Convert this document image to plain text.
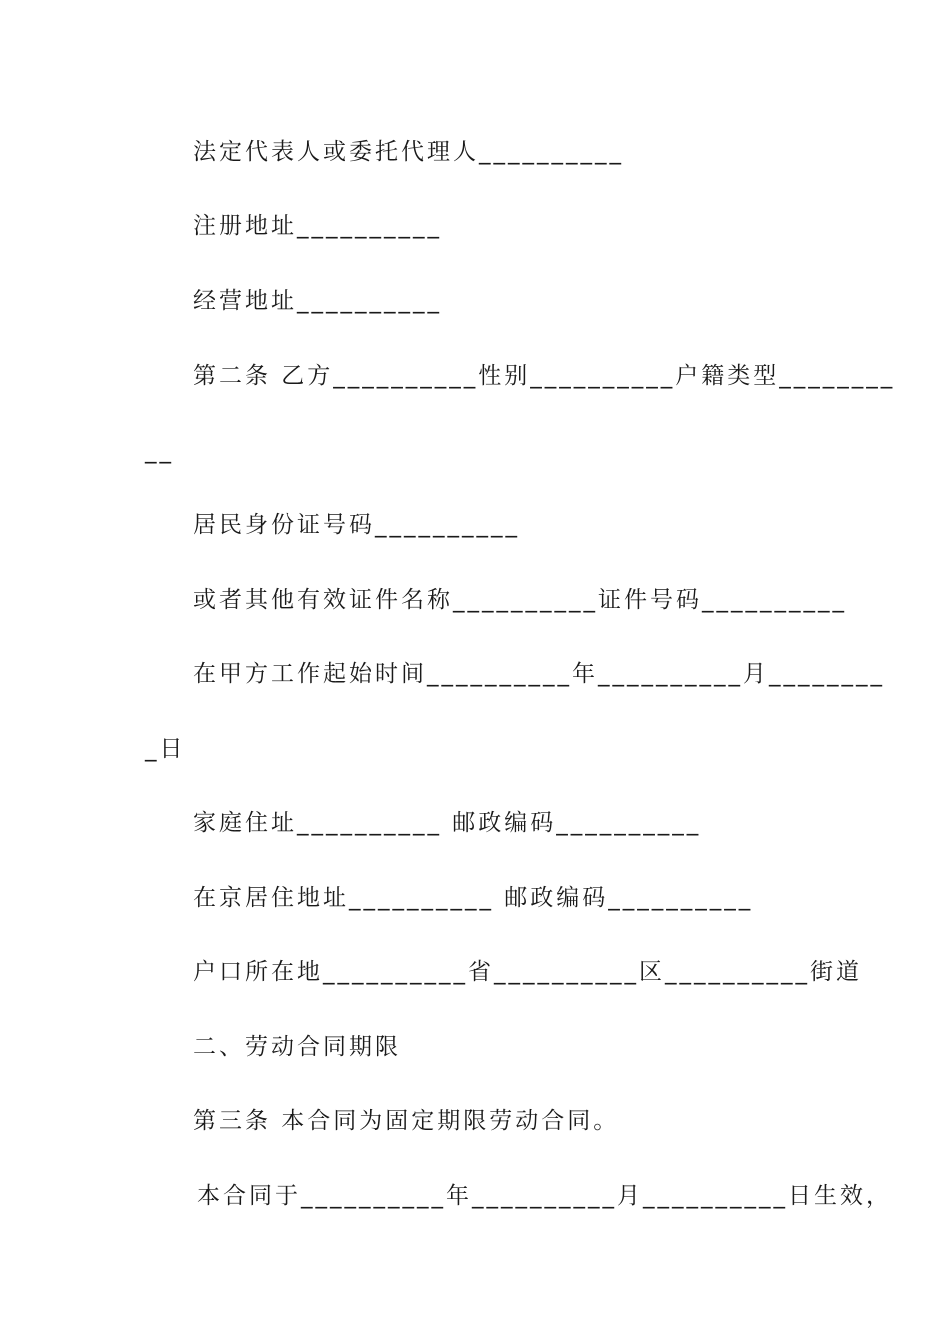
法定代表人或委托代理人__________

注册地址__________

经营地址__________

第二条 乙方__________性别__________户籍类型________

__

居民身份证号码__________

或者其他有效证件名称__________证件号码__________

在甲方工作起始时间__________年__________月________

_日

家庭住址__________ 邮政编码__________

在京居住地址__________ 邮政编码__________

户口所在地__________省__________区__________街道

二、劳动合同期限

第三条 本合同为固定期限劳动合同。

本合同于__________年__________月__________日生效，
